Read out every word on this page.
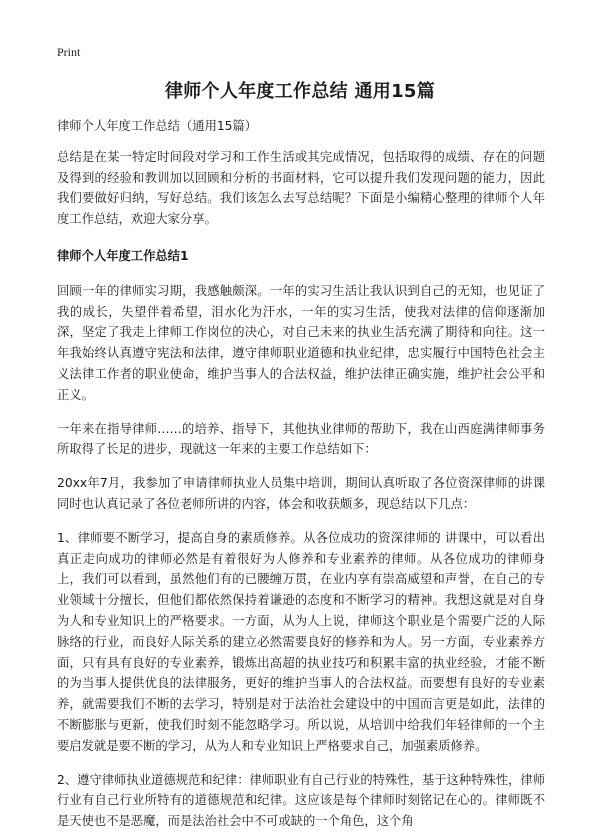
Print
律师个人年度工作总结 通用15篇

律师个人年度工作总结（通用15篇）

总结是在某一特定时间段对学习和工作生活或其完成情况，包括取得的成绩、存在的问题及得到的经验和教训加以回顾和分析的书面材料，它可以提升我们发现问题的能力，因此我们要做好归纳，写好总结。我们该怎么去写总结呢？下面是小编精心整理的律师个人年度工作总结，欢迎大家分享。

律师个人年度工作总结1

回顾一年的律师实习期，我感触颇深。一年的实习生活让我认识到自己的无知，也见证了我的成长，失望伴着希望，泪水化为汗水，一年的实习生活，使我对法律的信仰逐渐加深，坚定了我走上律师工作岗位的决心，对自己未来的执业生活充满了期待和向往。这一年我始终认真遵守宪法和法律，遵守律师职业道德和执业纪律，忠实履行中国特色社会主义法律工作者的职业使命，维护当事人的合法权益，维护法律正确实施，维护社会公平和正义。

一年来在指导律师……的培养、指导下，其他执业律师的帮助下，我在山西庭满律师事务所取得了长足的进步，现就这一年来的主要工作总结如下：

20xx年7月，我参加了申请律师执业人员集中培训，期间认真听取了各位资深律师的讲课同时也认真记录了各位老师所讲的内容，体会和收获颇多，现总结以下几点：

1、律师要不断学习，提高自身的素质修养。从各位成功的资深律师的 讲课中，可以看出真正走向成功的律师必然是有着很好为人修养和专业素养的律师。从各位成功的律师身上，我们可以看到，虽然他们有的已腰缠万贯，在业内享有崇高威望和声誉，在自己的专业领域十分擅长，但他们都依然保持着谦逊的态度和不断学习的精神。我想这就是对自身为人和专业知识上的严格要求。一方面，从为人上说，律师这个职业是个需要广泛的人际脉络的行业，而良好人际关系的建立必然需要良好的修养和为人。另一方面，专业素养方面，只有具有良好的专业素养，锻炼出高超的执业技巧和积累丰富的执业经验，才能不断的为当事人提供优良的法律服务，更好的维护当事人的合法权益。而要想有良好的专业素养，就需要我们不断的去学习，特别是对于法治社会建设中的中国而言更是如此，法律的不断膨胀与更新，使我们时刻不能忽略学习。所以说，从培训中给我们年轻律师的一个主要启发就是要不断的学习，从为人和专业知识上严格要求自己，加强素质修养。

2、遵守律师执业道德规范和纪律：律师职业有自己行业的特殊性，基于这种特殊性，律师行业有自己行业所特有的道德规范和纪律。这应该是每个律师时刻铭记在心的。律师既不是天使也不是恶魔，而是法治社会中不可或缺的一个角色，这个角
